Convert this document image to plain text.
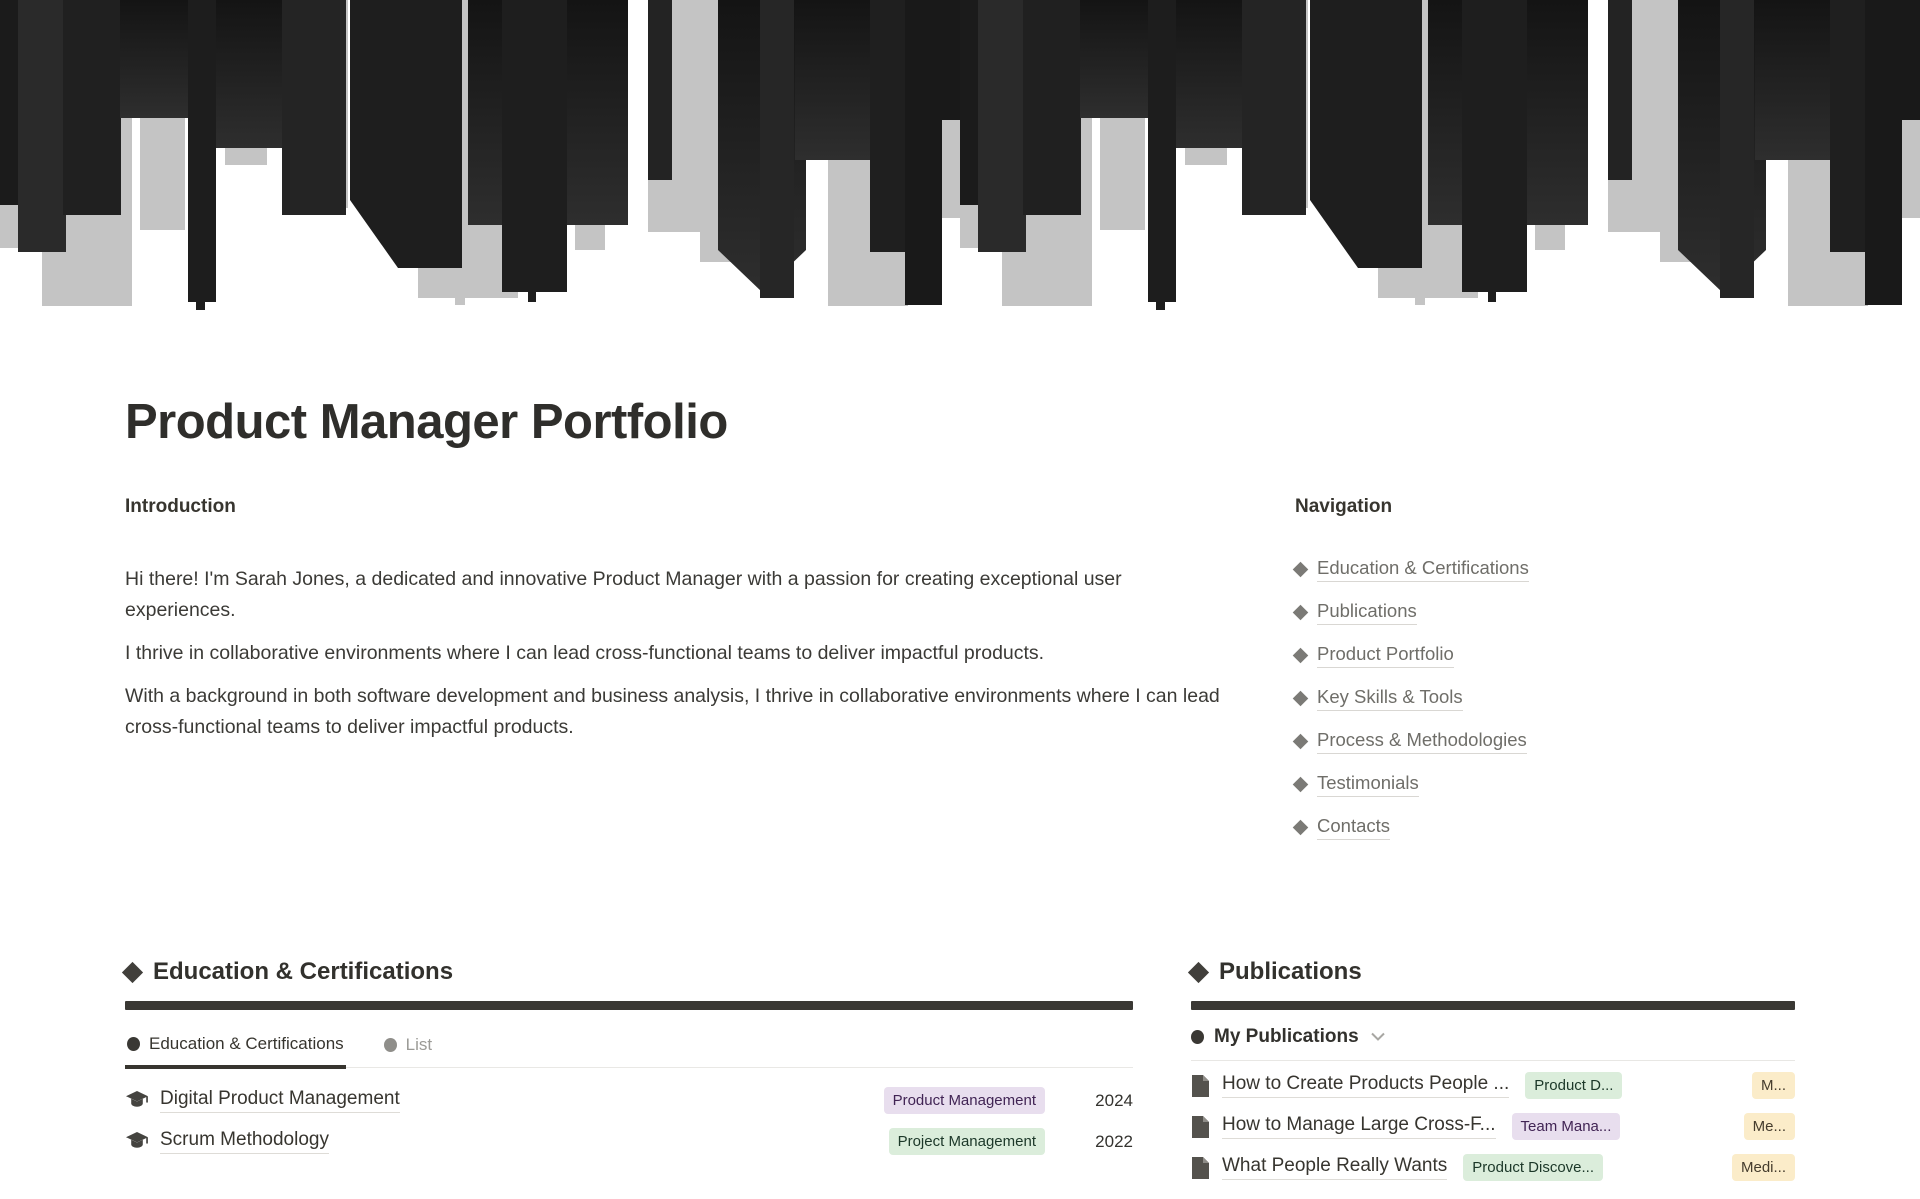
Product Manager Portfolio
Introduction

Hi there! I'm Sarah Jones, a dedicated and innovative Product Manager with a passion for creating exceptional user experiences.

I thrive in collaborative environments where I can lead cross-functional teams to deliver impactful products.

With a background in both software development and business analysis, I thrive in collaborative environments where I can lead cross-functional teams to deliver impactful products.

Navigation
Education & Certifications
Publications
Product Portfolio
Key Skills & Tools
Process & Methodologies
Testimonials
Contacts
Education & Certifications
Education & Certifications	List
Digital Product Management	Product Management	2024
Scrum Methodology	Project Management	2022
Publications
My Publications
How to Create Products People ...	Product D...	M...
How to Manage Large Cross-F...	Team Mana...	Me...
What People Really Wants	Product Discove...	Medi...
